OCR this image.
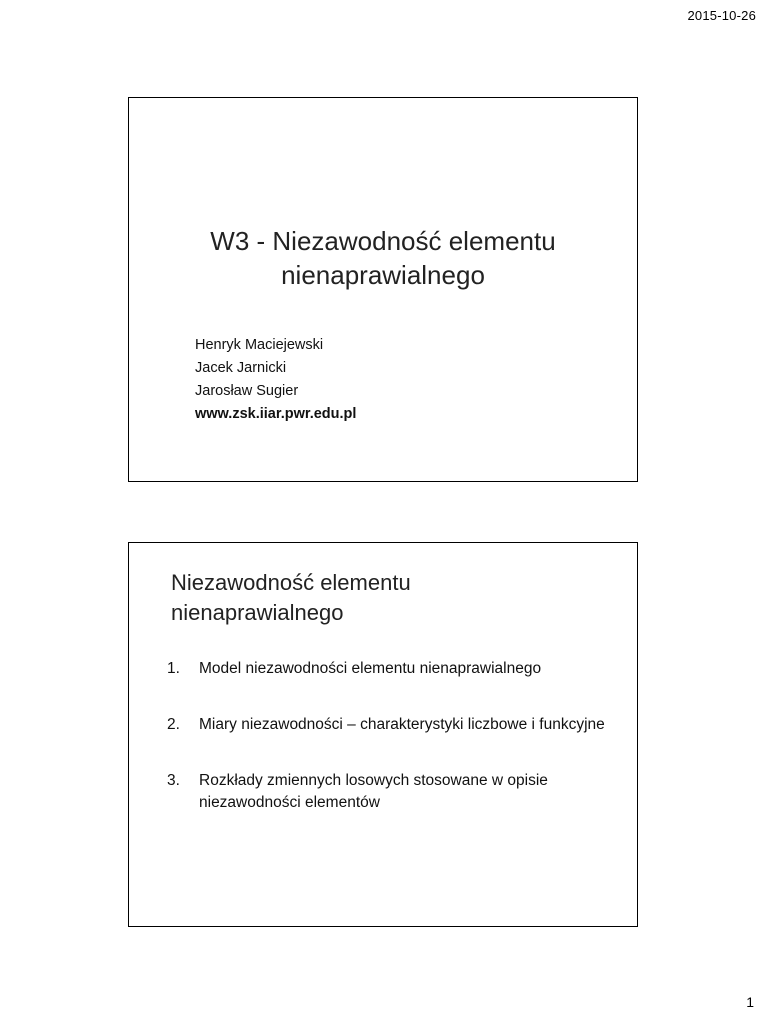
2015-10-26
W3 - Niezawodność elementu
nienaprawialnego
Henryk Maciejewski
Jacek Jarnicki
Jarosław Sugier
www.zsk.iiar.pwr.edu.pl
Niezawodność elementu
nienaprawialnego
1.	Model niezawodności elementu nienaprawialnego
2.	Miary niezawodności – charakterystyki liczbowe i funkcyjne
3.	Rozkłady zmiennych losowych stosowane w opisie niezawodności elementów
1
